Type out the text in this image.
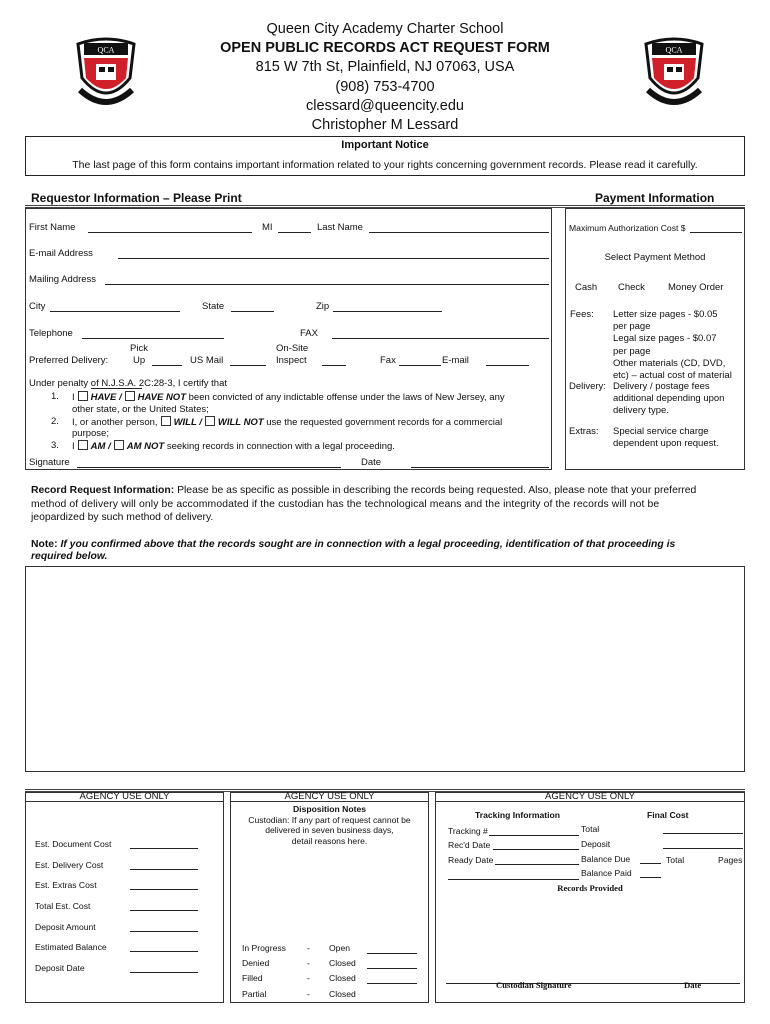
QCA	QCA
Queen City Academy Charter School
OPEN PUBLIC RECORDS ACT REQUEST FORM
815 W 7th St, Plainfield, NJ 07063, USA
(908) 753-4700
clessard@queencity.edu
Christopher M Lessard
Important Notice
The last page of this form contains important information related to your rights concerning government records. Please read it carefully.
Requestor Information – Please Print	Payment Information
First Name	MI	Last Name
E-mail Address
Mailing Address
City	State	Zip
Telephone	FAX
Pick	On-Site
Preferred Delivery:	Up	US Mail	Inspect	Fax	E-mail
Under penalty of N.J.S.A. 2C:28-3, I certify that
1. I HAVE / HAVE NOT been convicted of any indictable offense under the laws of New Jersey, any
other state, or the United States;
2. I, or another person, WILL / WILL NOT use the requested government records for a commercial
purpose;
3. I AM / AM NOT seeking records in connection with a legal proceeding.
Signature	Date
Maximum Authorization Cost $
Select Payment Method
Cash Check Money Order
Fees: Letter size pages - $0.05
per page
Legal size pages - $0.07
per page
Other materials (CD, DVD,
etc) – actual cost of material
Delivery: Delivery / postage fees
additional depending upon
delivery type.
Extras: Special service charge
dependent upon request.
Record Request Information: Please be as specific as possible in describing the records being requested. Also, please note that your preferred
method of delivery will only be accommodated if the custodian has the technological means and the integrity of the records will not be
jeopardized by such method of delivery.
Note: If you confirmed above that the records sought are in connection with a legal proceeding, identification of that proceeding is
required below.
AGENCY USE ONLY
Est. Document Cost
Est. Delivery Cost
Est. Extras Cost
Total Est. Cost
Deposit Amount
Estimated Balance
Deposit Date
AGENCY USE ONLY
Disposition Notes
Custodian: If any part of request cannot be
delivered in seven business days,
detail reasons here.
In Progress - Open
Denied	- Closed
Filled	- Closed
Partial	- Closed
AGENCY USE ONLY
Tracking Information	Final Cost
Tracking #
Rec'd Date
Ready Date
Total
Deposit
Balance Due	Total	Pages
Balance Paid
Records Provided
Custodian Signature	Date
